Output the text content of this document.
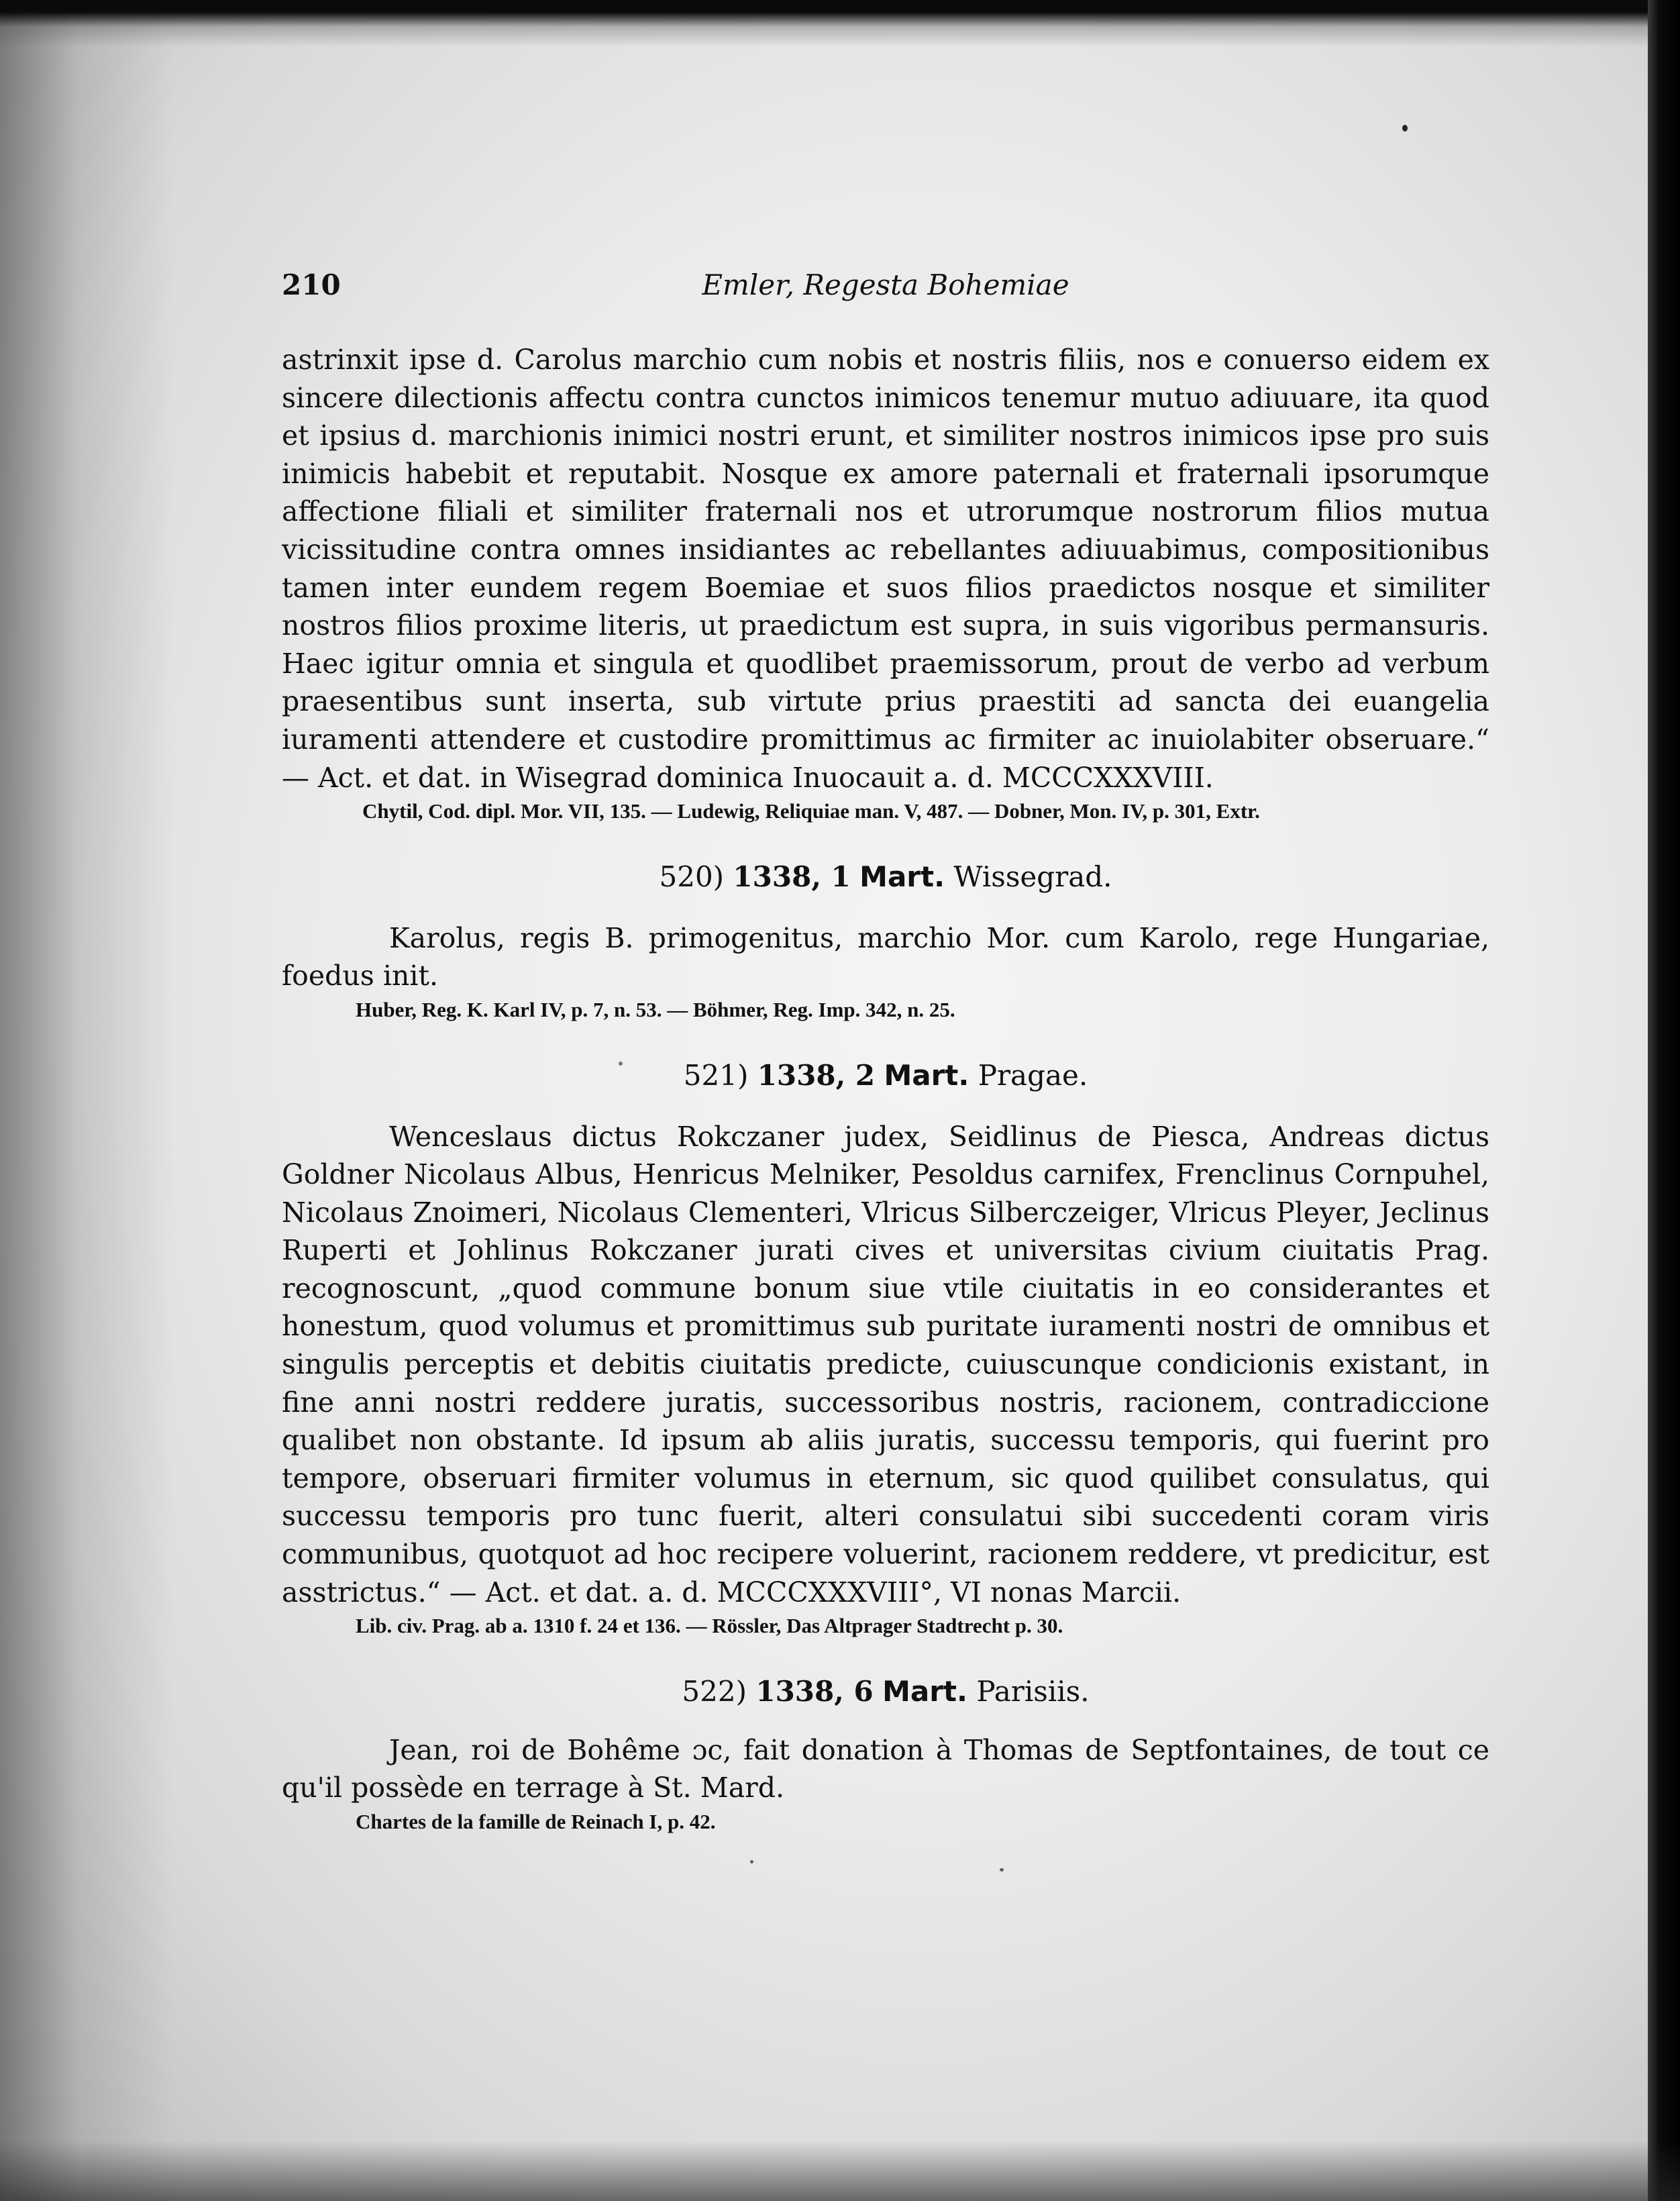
210	Emler, Regesta Bohemiae

astrinxit ipse d. Carolus marchio cum nobis et nostris filiis, nos e conuerso eidem ex sincere dilectionis affectu contra cunctos inimicos tenemur mutuo adiuuare, ita quod et ipsius d. marchionis inimici nostri erunt, et similiter nostros inimicos ipse pro suis inimicis habebit et reputabit. Nosque ex amore paternali et fraternali ipsorumque affectione filiali et similiter fraternali nos et utrorumque nostrorum filios mutua vicissitudine contra omnes insidiantes ac rebellantes adiuuabimus, compositionibus tamen inter eundem regem Boemiae et suos filios praedictos nosque et similiter nostros filios proxime literis, ut praedictum est supra, in suis vigoribus permansuris. Haec igitur omnia et singula et quodlibet praemissorum, prout de verbo ad verbum praesentibus sunt inserta, sub virtute prius praestiti ad sancta dei euangelia iuramenti attendere et custodire promittimus ac firmiter ac inuiolabiter obseruare.“ — Act. et dat. in Wisegrad dominica Inuocauit a. d. MCCCXXXVIII.

Chytil, Cod. dipl. Mor. VII, 135. — Ludewig, Reliquiae man. V, 487. — Dobner, Mon. IV, p. 301, Extr.

520) 1338, 1 Mart. Wissegrad.

Karolus, regis B. primogenitus, marchio Mor. cum Karolo, rege Hungariae, foedus init.

Huber, Reg. K. Karl IV, p. 7, n. 53. — Böhmer, Reg. Imp. 342, n. 25.

521) 1338, 2 Mart. Pragae.

Wenceslaus dictus Rokczaner judex, Seidlinus de Piesca, Andreas dictus Goldner Nicolaus Albus, Henricus Melniker, Pesoldus carnifex, Frenclinus Cornpuhel, Nicolaus Znoimeri, Nicolaus Clementeri, Vlricus Silberczeiger, Vlricus Pleyer, Jeclinus Ruperti et Johlinus Rokczaner jurati cives et universitas civium ciuitatis Prag. recognoscunt, „quod commune bonum siue vtile ciuitatis in eo considerantes et honestum, quod volumus et promittimus sub puritate iuramenti nostri de omnibus et singulis perceptis et debitis ciuitatis predicte, cuiuscunque condicionis existant, in fine anni nostri reddere juratis, successoribus nostris, racionem, contradiccione qualibet non obstante. Id ipsum ab aliis juratis, successu temporis, qui fuerint pro tempore, obseruari firmiter volumus in eternum, sic quod quilibet consulatus, qui successu temporis pro tunc fuerit, alteri consulatui sibi succedenti coram viris communibus, quotquot ad hoc recipere voluerint, racionem reddere, vt predicitur, est asstrictus.“ — Act. et dat. a. d. MCCCXXXVIII°, VI nonas Marcii.

Lib. civ. Prag. ab a. 1310 f. 24 et 136. — Rössler, Das Altprager Stadtrecht p. 30.

522) 1338, 6 Mart. Parisiis.

Jean, roi de Bohême ɔc, fait donation à Thomas de Septfontaines, de tout ce qu'il possède en terrage à St. Mard.

Chartes de la famille de Reinach I, p. 42.
